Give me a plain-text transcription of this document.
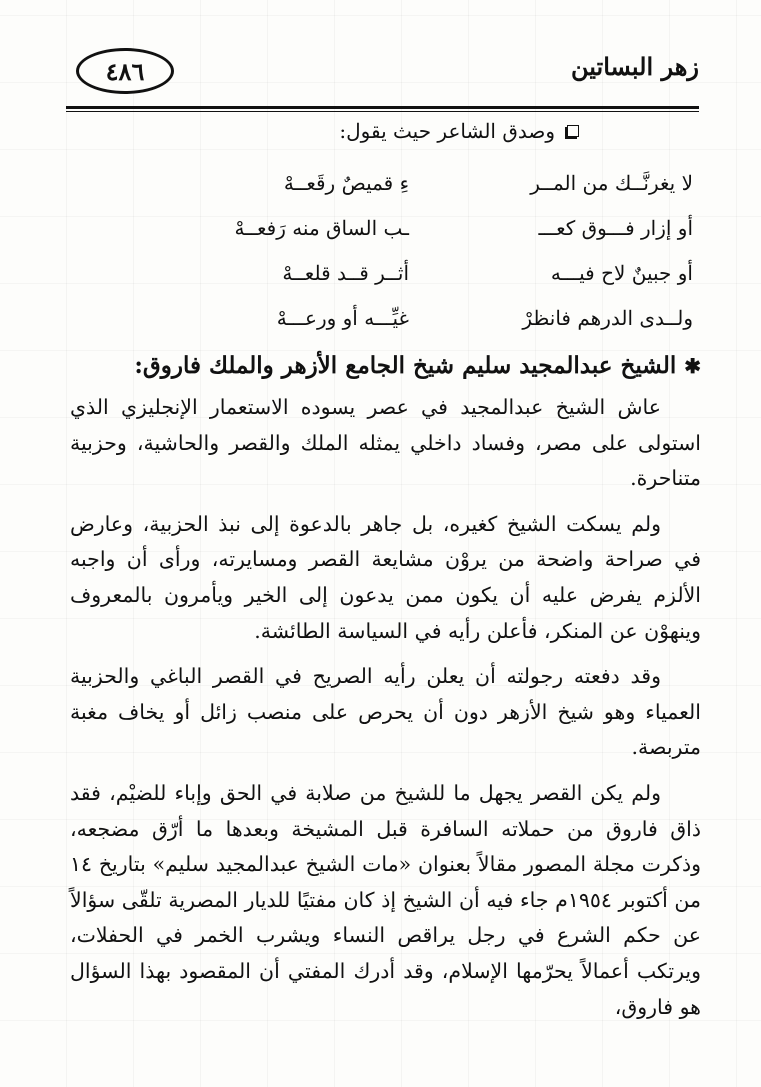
زهر البساتين
٤٨٦
وصدق الشاعر حيث يقول:
لا يغرنَّــك من المــر
ءِ قميصٌ رقَعــهْ
أو إزار فـــوق كعـــ
ـب الساق منه رَفعــهْ
أو جبينٌ لاح فيـــه
أثــر قــد قلعــهْ
ولــدى الدرهم فانظرْ
غيِّـــه أو ورعـــهْ
✱
الشيخ عبدالمجيد سليم شيخ الجامع الأزهر والملك فاروق:

عاش الشيخ عبدالمجيد في عصر يسوده الاستعمار الإنجليزي الذي استولى على مصر، وفساد داخلي يمثله الملك والقصر والحاشية، وحزبية متناحرة.

ولم يسكت الشيخ كغيره، بل جاهر بالدعوة إلى نبذ الحزبية، وعارض في صراحة واضحة من يروْن مشايعة القصر ومسايرته، ورأى أن واجبه الألزم يفرض عليه أن يكون ممن يدعون إلى الخير ويأمرون بالمعروف وينهوْن عن المنكر، فأعلن رأيه في السياسة الطائشة.

وقد دفعته رجولته أن يعلن رأيه الصريح في القصر الباغي والحزبية العمياء وهو شيخ الأزهر دون أن يحرص على منصب زائل أو يخاف مغبة متربصة.

ولم يكن القصر يجهل ما للشيخ من صلابة في الحق وإباء للضيْم، فقد ذاق فاروق من حملاته السافرة قبل المشيخة وبعدها ما أرّق مضجعه، وذكرت مجلة المصور مقالاً بعنوان «مات الشيخ عبدالمجيد سليم» بتاريخ ١٤ من أكتوبر ١٩٥٤م جاء فيه أن الشيخ إذ كان مفتيًا للديار المصرية تلقّى سؤالاً عن حكم الشرع في رجل يراقص النساء ويشرب الخمر في الحفلات، ويرتكب أعمالاً يحرّمها الإسلام، وقد أدرك المفتي أن المقصود بهذا السؤال هو فاروق،
